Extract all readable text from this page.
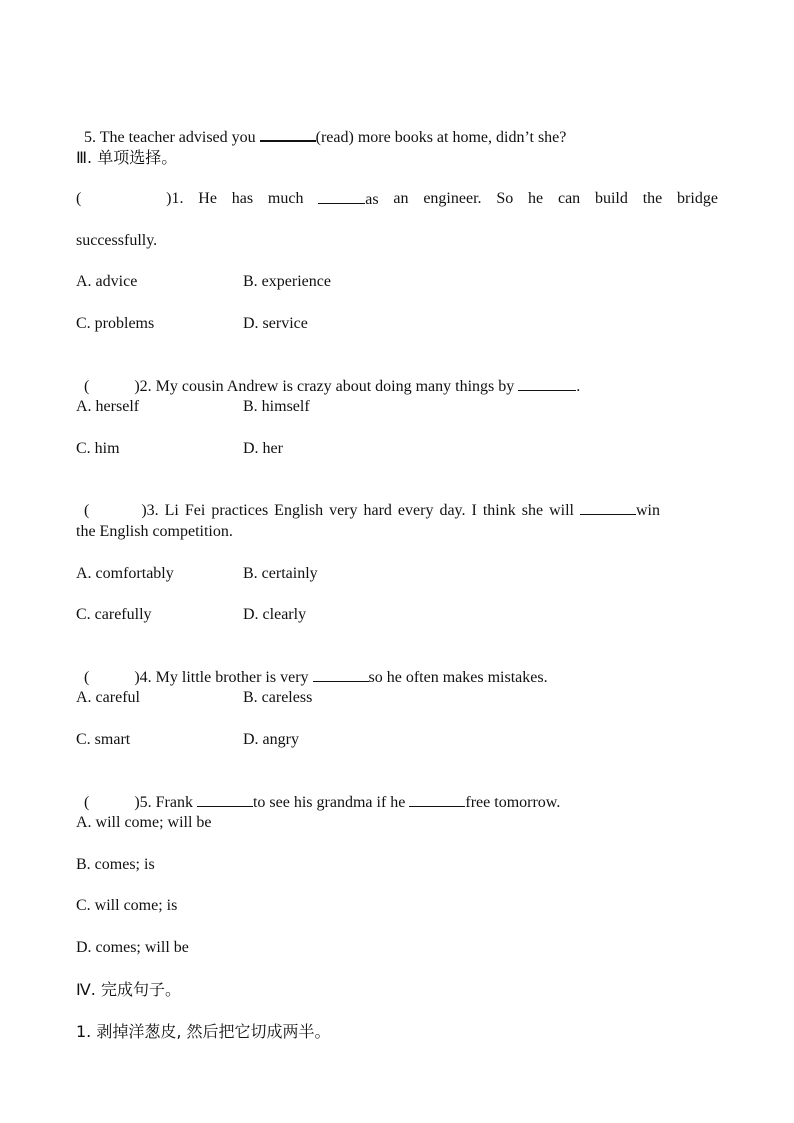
5. The teacher advised you	(read) more books at home, didn’t she?

Ⅲ. 单项选择。
(	)1. He has much	as an engineer. So he can build the bridge
successfully.
A. advice	B. experience
C. problems	D. service

(	)2. My cousin Andrew is crazy about doing many things by	.

A. herself	B. himself
C. him	D. her

(	)3. Li Fei practices English very hard every day. I think she will	win

the English competition.
A. comfortably	B. certainly
C. carefully	D. clearly

(	)4. My little brother is very	so he often makes mistakes.

A. careful	B. careless
C. smart	D. angry

(	)5. Frank	to see his grandma if he	free tomorrow.

A. will come; will be
B. comes; is
C. will come; is
D. comes; will be
Ⅳ. 完成句子。
1. 剥掉洋葱皮, 然后把它切成两半。
